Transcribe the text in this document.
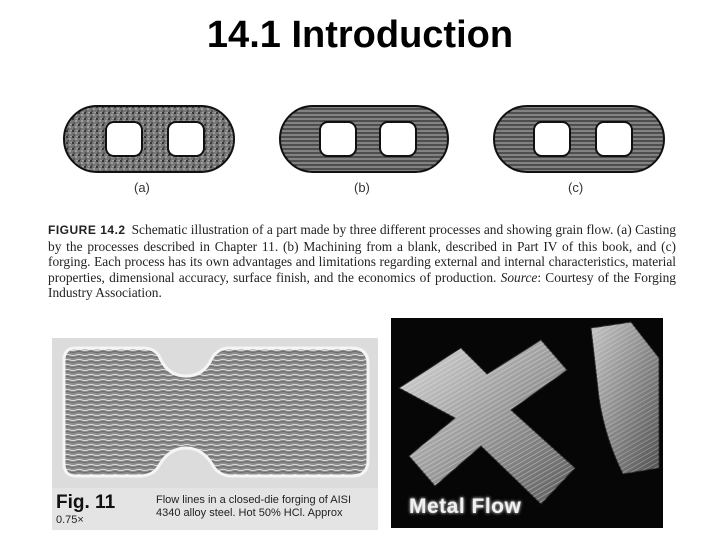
14.1 Introduction
(a)	(b)	(c)
FIGURE 14.2 Schematic illustration of a part made by three different processes and showing grain flow. (a) Casting by the processes described in Chapter 11. (b) Machining from a blank, described in Part IV of this book, and (c) forging. Each process has its own advantages and limitations regarding external and internal characteristics, material properties, dimensional accuracy, surface finish, and the economics of production. Source: Courtesy of the Forging Industry Association.
Fig. 11	Flow lines in a closed-die forging of AISI 4340 alloy steel. Hot 50% HCl. Approx
0.75×
Metal Flow
